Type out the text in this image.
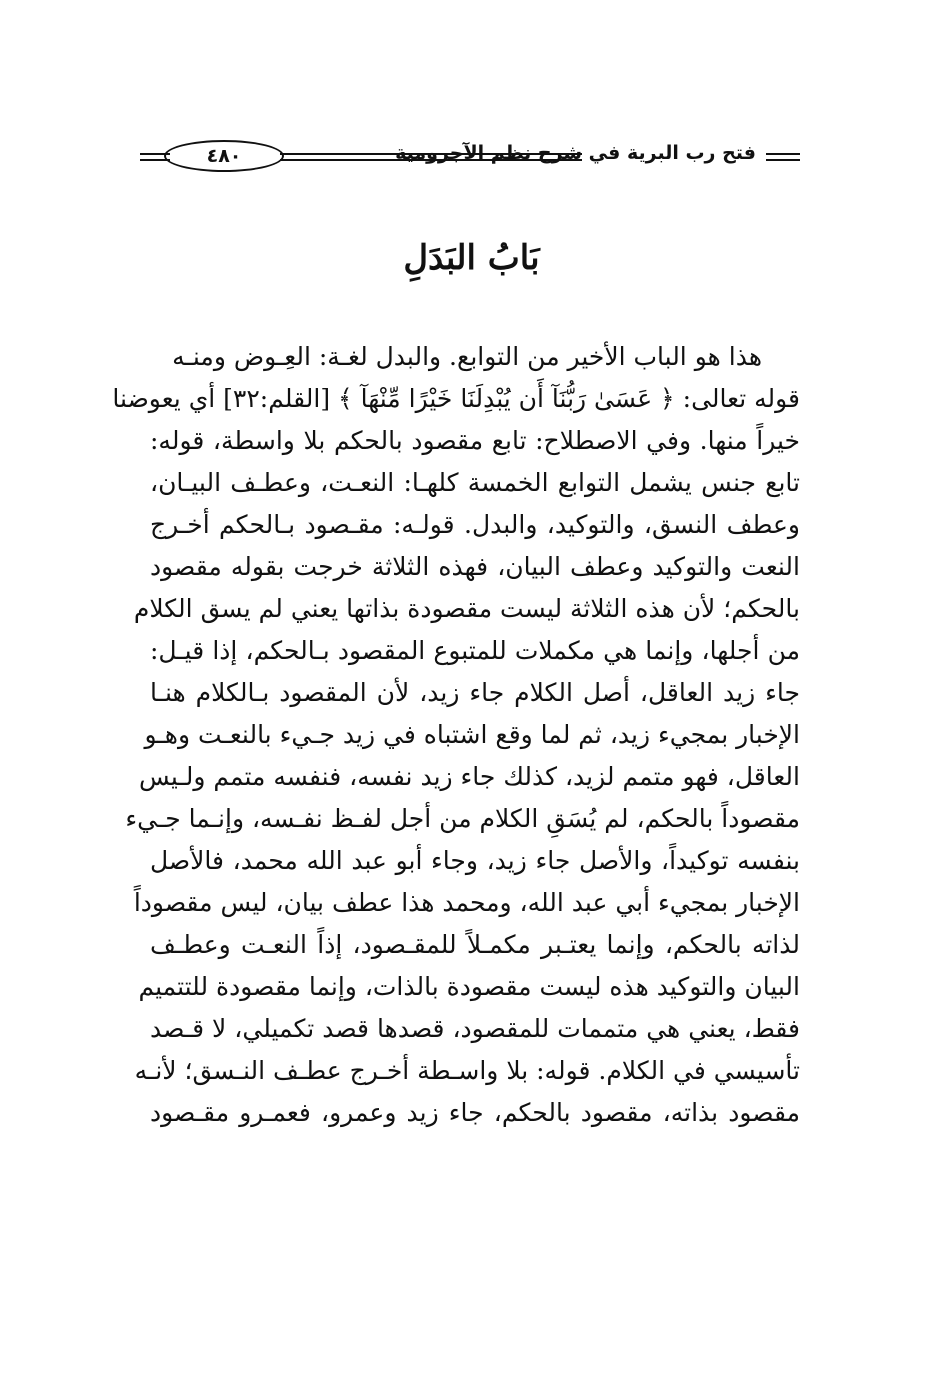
فتح رب البرية في شرح نظم الآجرومية
٤٨٠
بَابُ البَدَلِ
هذا هو الباب الأخير من التوابع. والبدل لغـة: العِـوض ومنـه
قوله تعالى: ﴿ عَسَىٰ رَبُّنَآ أَن يُبْدِلَنَا خَيْرًا مِّنْهَآ ﴾ [القلم:٣٢] أي يعوضنا
خيراً منها. وفي الاصطلاح: تابع مقصود بالحكم بلا واسطة، قوله:
تابع جنس يشمل التوابع الخمسة كلهـا: النعـت، وعطـف البيـان،
وعطف النسق، والتوكيد، والبدل. قولـه: مقـصود بـالحكم أخـرج
النعت والتوكيد وعطف البيان، فهذه الثلاثة خرجت بقوله مقصود
بالحكم؛ لأن هذه الثلاثة ليست مقصودة بذاتها يعني لم يسق الكلام
من أجلها، وإنما هي مكملات للمتبوع المقصود بـالحكم، إذا قيـل:
جاء زيد العاقل، أصل الكلام جاء زيد، لأن المقصود بـالكلام هنـا
الإخبار بمجيء زيد، ثم لما وقع اشتباه في زيد جـيء بالنعـت وهـو
العاقل، فهو متمم لزيد، كذلك جاء زيد نفسه، فنفسه متمم ولـيس
مقصوداً بالحكم، لم يُسَقِ الكلام من أجل لفـظ نفـسه، وإنـما جـيء
بنفسه توكيداً، والأصل جاء زيد، وجاء أبو عبد الله محمد، فالأصل
الإخبار بمجيء أبي عبد الله، ومحمد هذا عطف بيان، ليس مقصوداً
لذاته بالحكم، وإنما يعتـبر مكمـلاً للمقـصود، إذاً النعـت وعطـف
البيان والتوكيد هذه ليست مقصودة بالذات، وإنما مقصودة للتتميم
فقط، يعني هي متممات للمقصود، قصدها قصد تكميلي، لا قـصد
تأسيسي في الكلام. قوله: بلا واسـطة أخـرج عطـف النـسق؛ لأنـه
مقصود بذاته، مقصود بالحكم، جاء زيد وعمرو، فعمـرو مقـصود
